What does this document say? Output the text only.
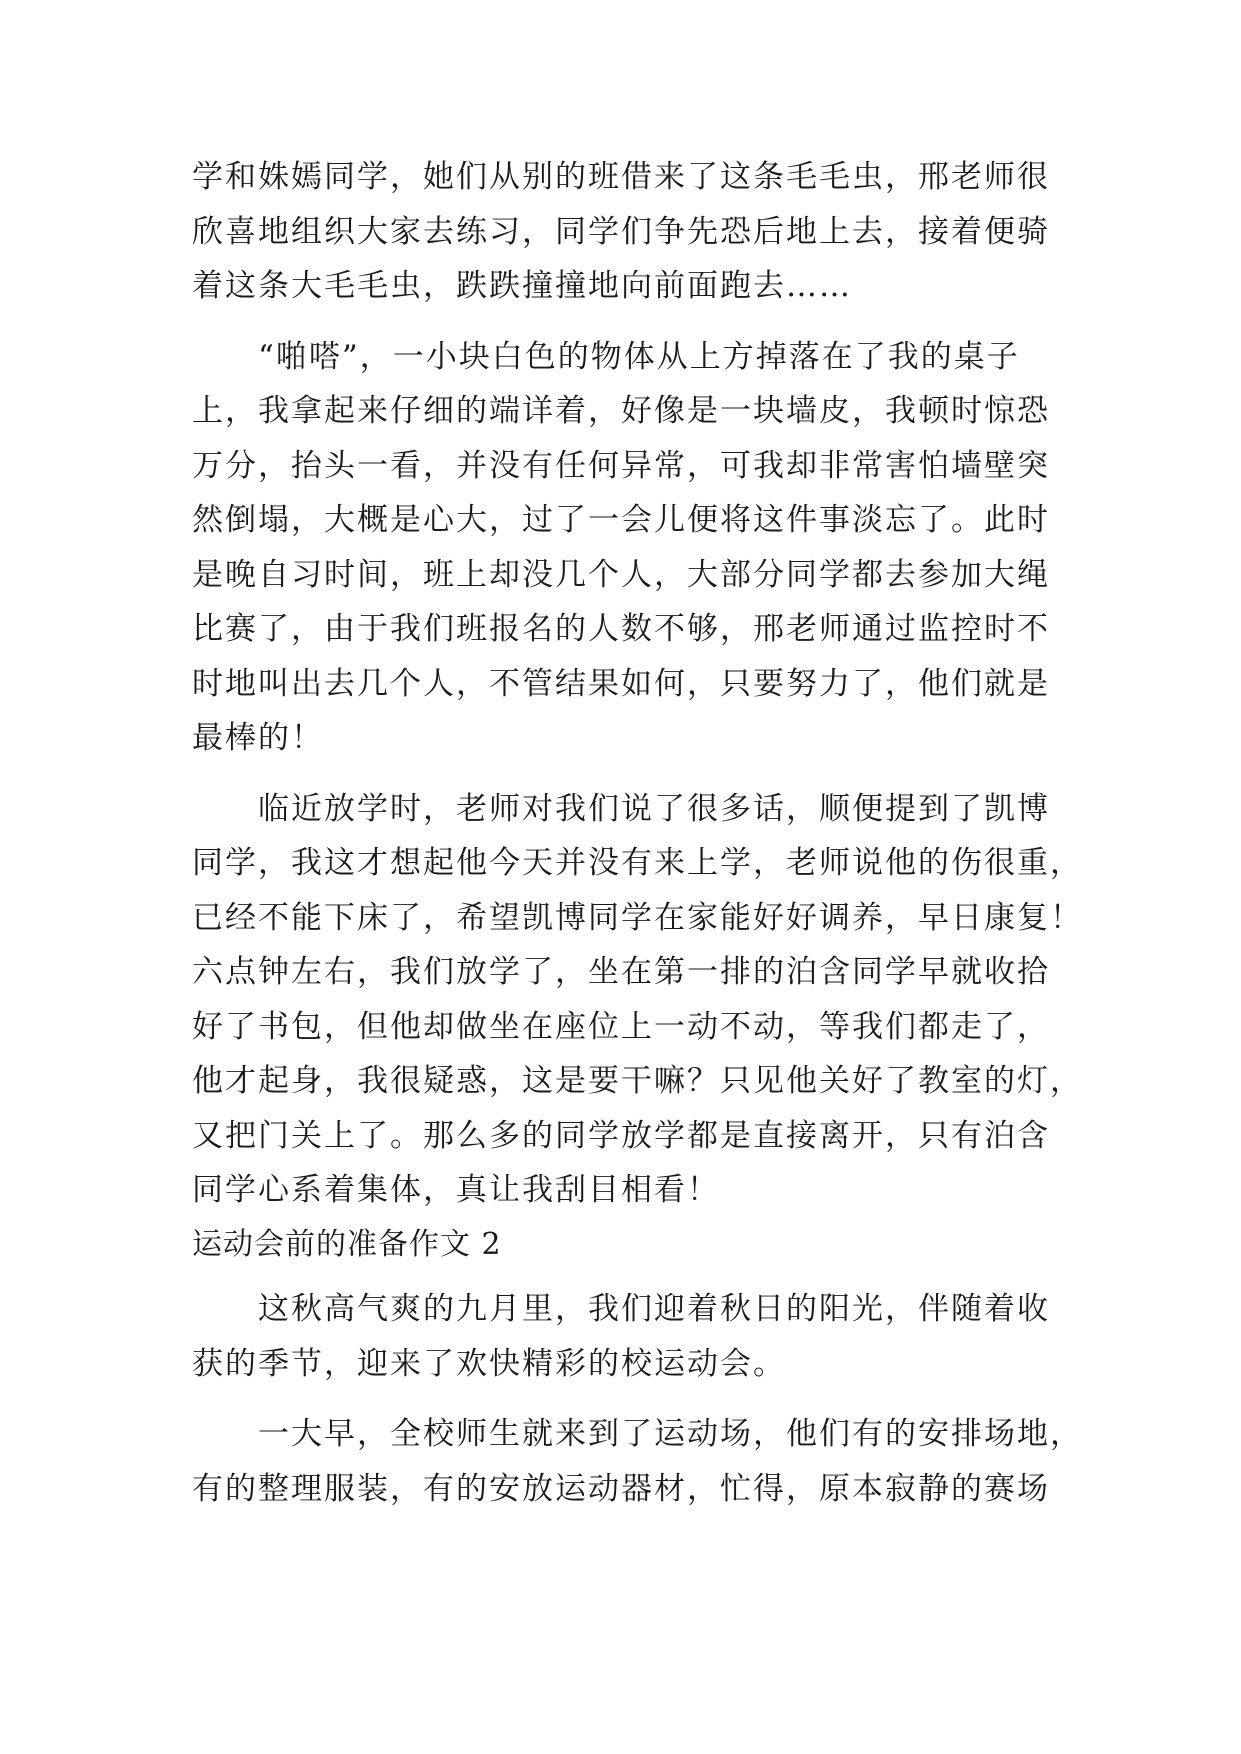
学和姝嫣同学，她们从别的班借来了这条毛毛虫，邢老师很
欣喜地组织大家去练习，同学们争先恐后地上去，接着便骑
着这条大毛毛虫，跌跌撞撞地向前面跑去……
　　“啪嗒”，一小块白色的物体从上方掉落在了我的桌子
上，我拿起来仔细的端详着，好像是一块墙皮，我顿时惊恐
万分，抬头一看，并没有任何异常，可我却非常害怕墙壁突
然倒塌，大概是心大，过了一会儿便将这件事淡忘了。此时
是晚自习时间，班上却没几个人，大部分同学都去参加大绳
比赛了，由于我们班报名的人数不够，邢老师通过监控时不
时地叫出去几个人，不管结果如何，只要努力了，他们就是
最棒的！
　　临近放学时，老师对我们说了很多话，顺便提到了凯博
同学，我这才想起他今天并没有来上学，老师说他的伤很重，
已经不能下床了，希望凯博同学在家能好好调养，早日康复！
六点钟左右，我们放学了，坐在第一排的泊含同学早就收拾
好了书包，但他却做坐在座位上一动不动，等我们都走了，
他才起身，我很疑惑，这是要干嘛？只见他关好了教室的灯，
又把门关上了。那么多的同学放学都是直接离开，只有泊含
同学心系着集体，真让我刮目相看！
运动会前的准备作文 2
　　这秋高气爽的九月里，我们迎着秋日的阳光，伴随着收
获的季节，迎来了欢快精彩的校运动会。
　　一大早，全校师生就来到了运动场，他们有的安排场地，
有的整理服装，有的安放运动器材，忙得，原本寂静的赛场
